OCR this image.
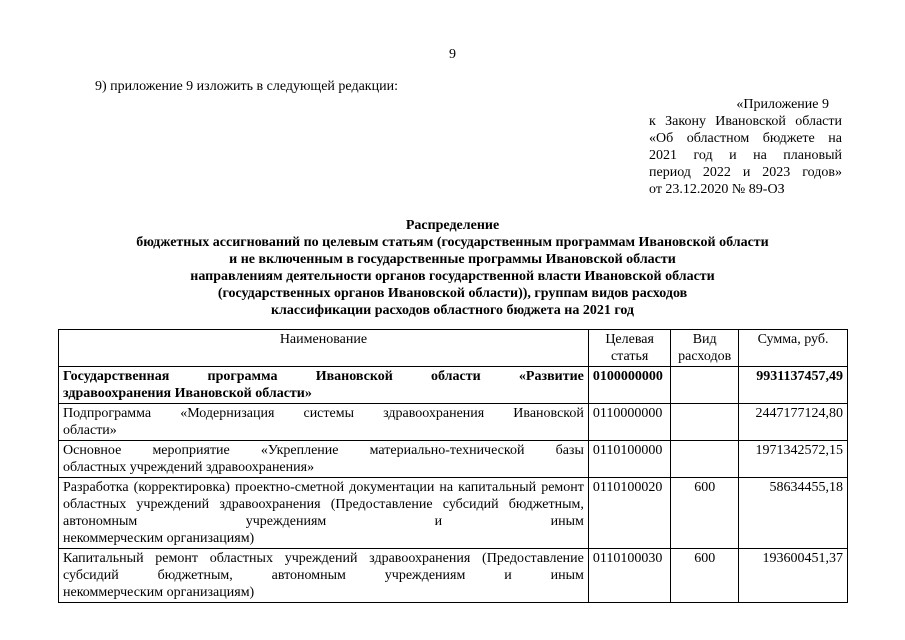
9
9) приложение 9 изложить в следующей редакции:
«Приложение 9
к Закону Ивановской области
«Об областном бюджете на
2021 год и на плановый
период 2022 и 2023 годов»
от 23.12.2020 № 89-ОЗ
Распределение
бюджетных ассигнований по целевым статьям (государственным программам Ивановской области
и не включенным в государственные программы Ивановской области
направлениям деятельности органов государственной власти Ивановской области
(государственных органов Ивановской области)), группам видов расходов
классификации расходов областного бюджета на 2021 год
Наименование	Целевая статья	Вид расходов	Сумма, руб.

Государственная программа Ивановской области «Развитие
здравоохранения Ивановской области»	0100000000		9931137457,49

Подпрограмма «Модернизация системы здравоохранения Ивановской
области»	0110000000		2447177124,80

Основное мероприятие «Укрепление материально-технической базы
областных учреждений здравоохранения»	0110100000		1971342572,15

Разработка (корректировка) проектно-сметной документации на капитальный ремонт областных учреждений здравоохранения (Предоставление субсидий бюджетным, автономным учреждениям и иным
некоммерческим организациям)	0110100020	600	58634455,18

Капитальный ремонт областных учреждений здравоохранения (Предоставление субсидий бюджетным, автономным учреждениям и иным
некоммерческим организациям)	0110100030	600	193600451,37
